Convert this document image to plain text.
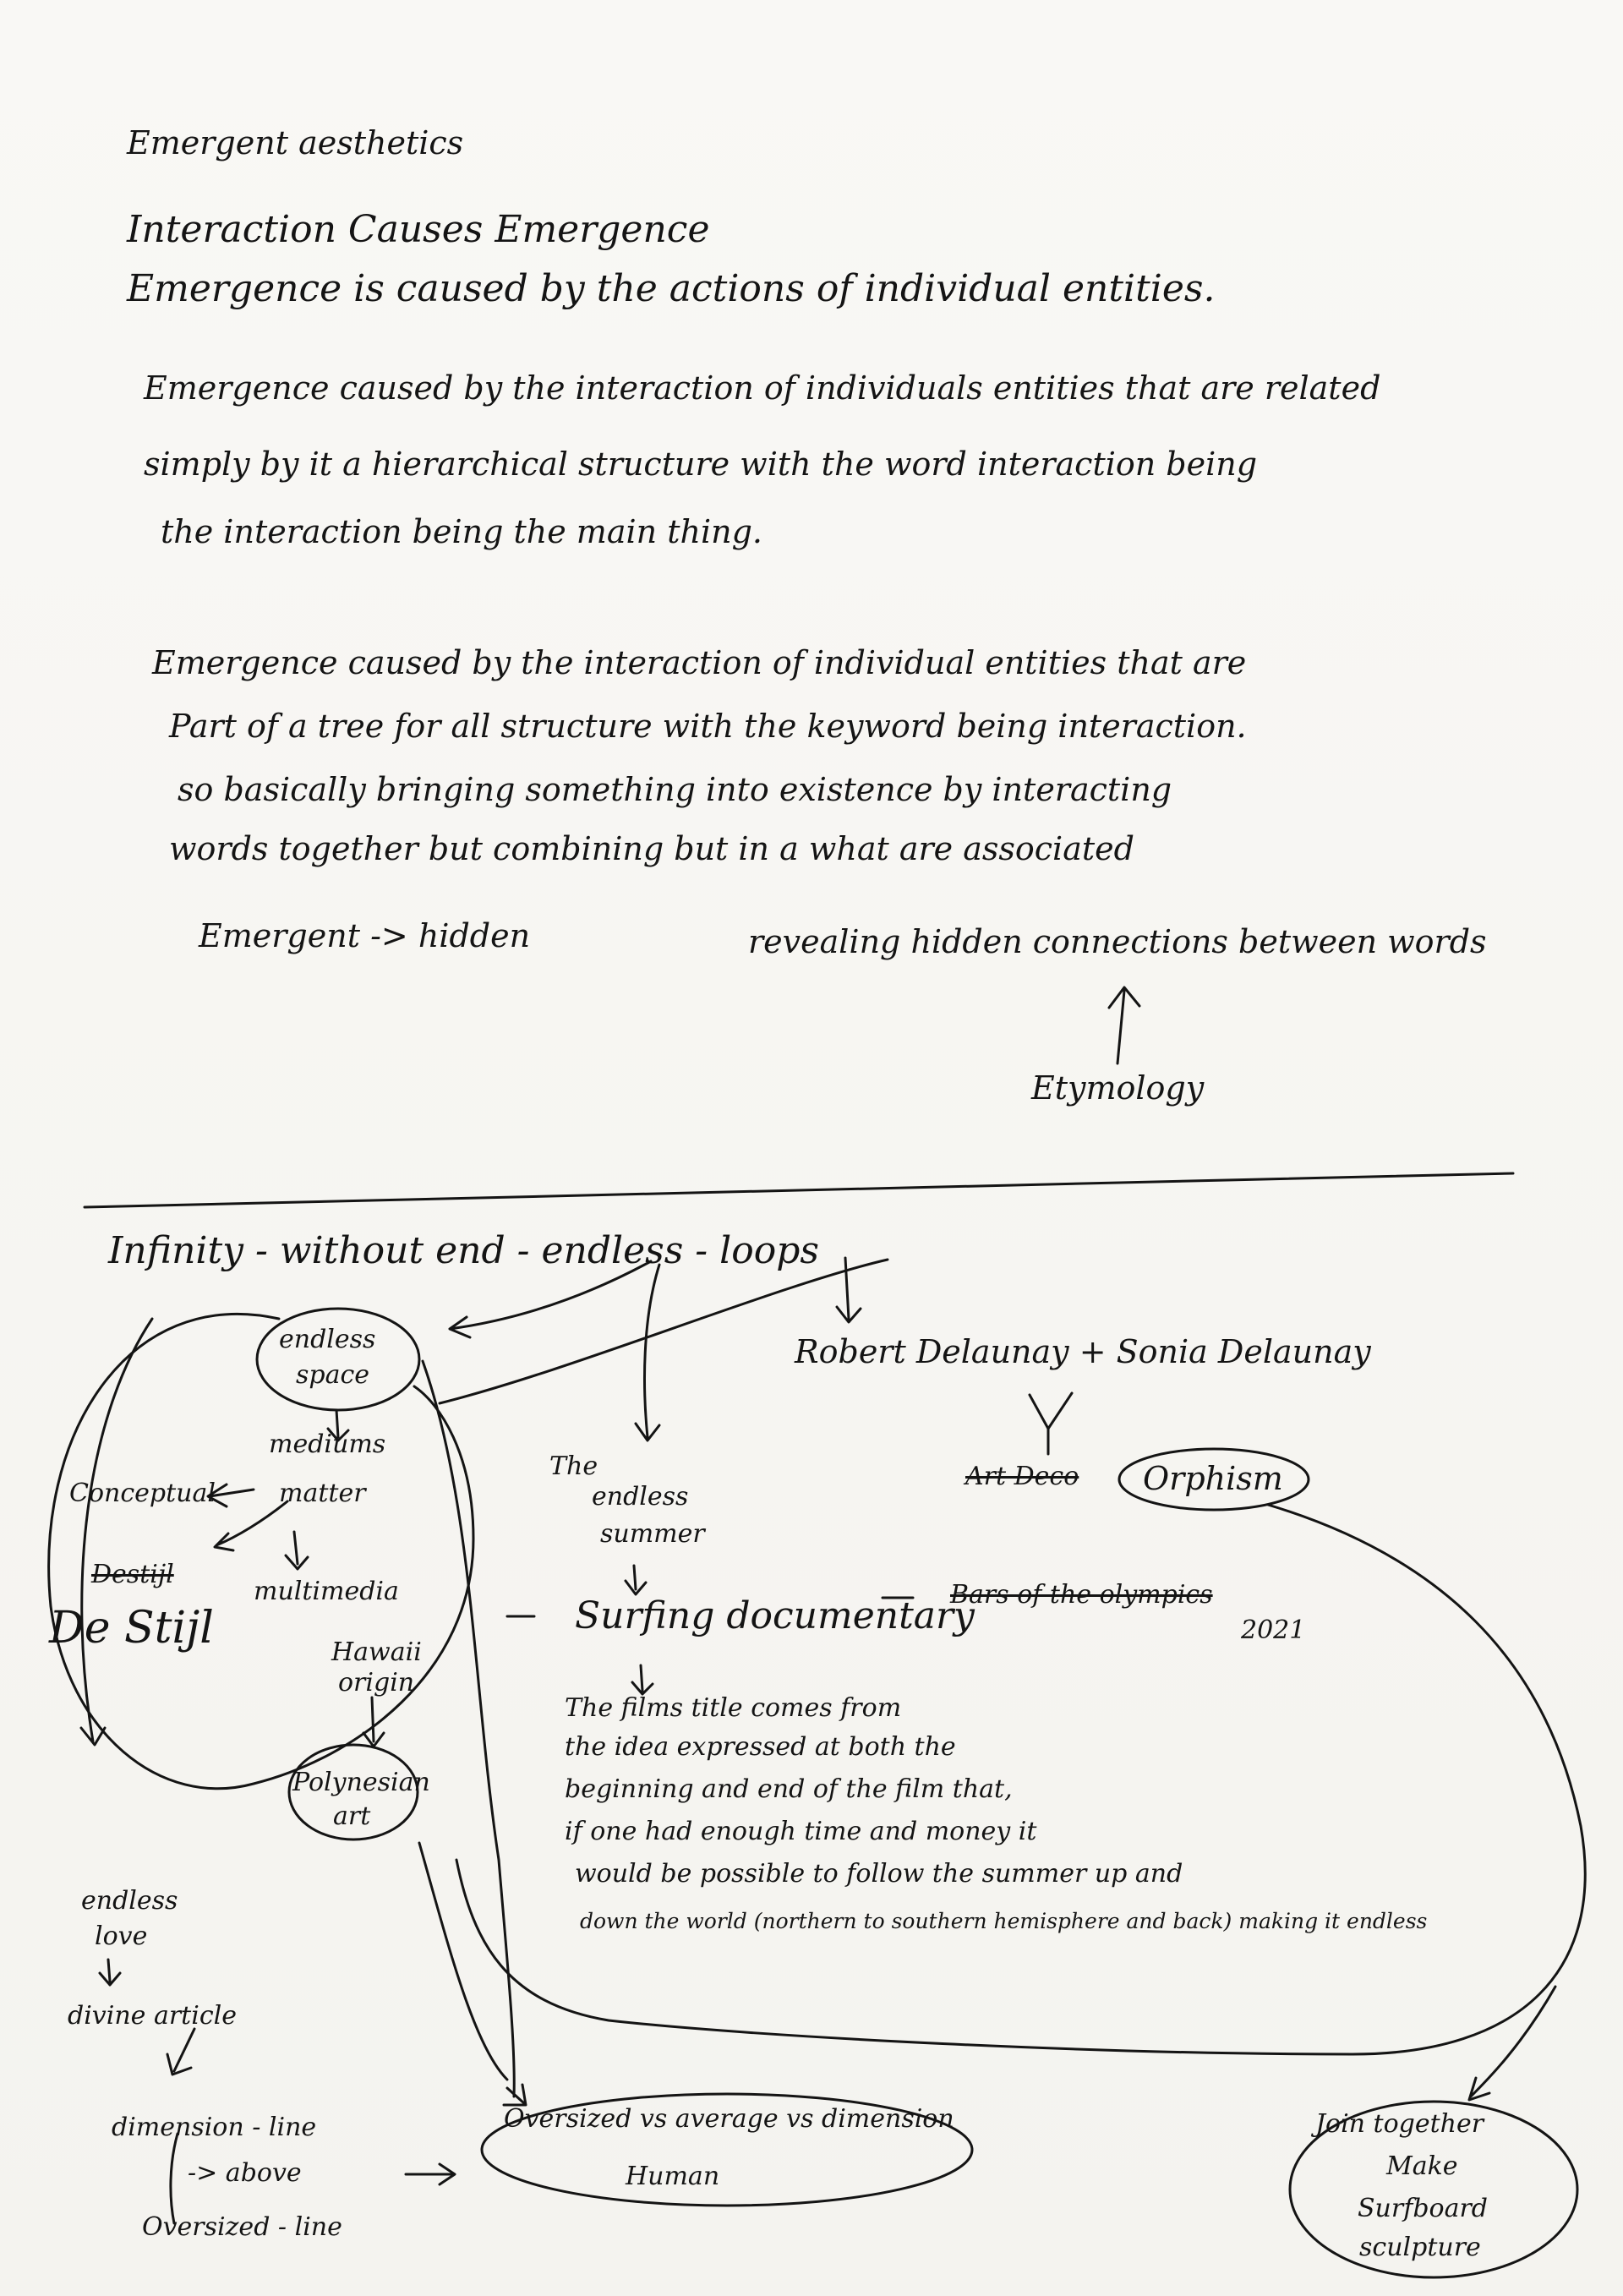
Emergent aesthetics
Interaction Causes Emergence
Emergence is caused by the actions of individual entities.
Emergence caused by the interaction of individuals entities that are related
simply by it a hierarchical structure with the word interaction being
the interaction being the main thing.
Emergence caused by the interaction of individual entities that are
Part of a tree for all structure with the keyword being interaction.
so basically bringing something into existence by interacting
words together but combining but in a what are associated
Emergent -> hidden	revealing hidden connections between words
Etymology
Infinity - without end - endless - loops
endless
space
Robert Delaunay + Sonia Delaunay
Art Deco Orphism
Conceptual
mediums
matter
multimedia
Destijl
De Stijl
The
endless
summer
Surfing documentary
Bars of the olympics
2021
Hawaii
origin
Polynesian
art
The films title comes from
the idea expressed at both the
beginning and end of the film that,
if one had enough time and money it
would be possible to follow the summer up and
down the world (northern to southern hemisphere and back) making it endless
endless
love
divine article
dimension - line
-> above
Oversized - line
Oversized vs average vs dimension
Human
Join together
Make
Surfboard
sculpture
